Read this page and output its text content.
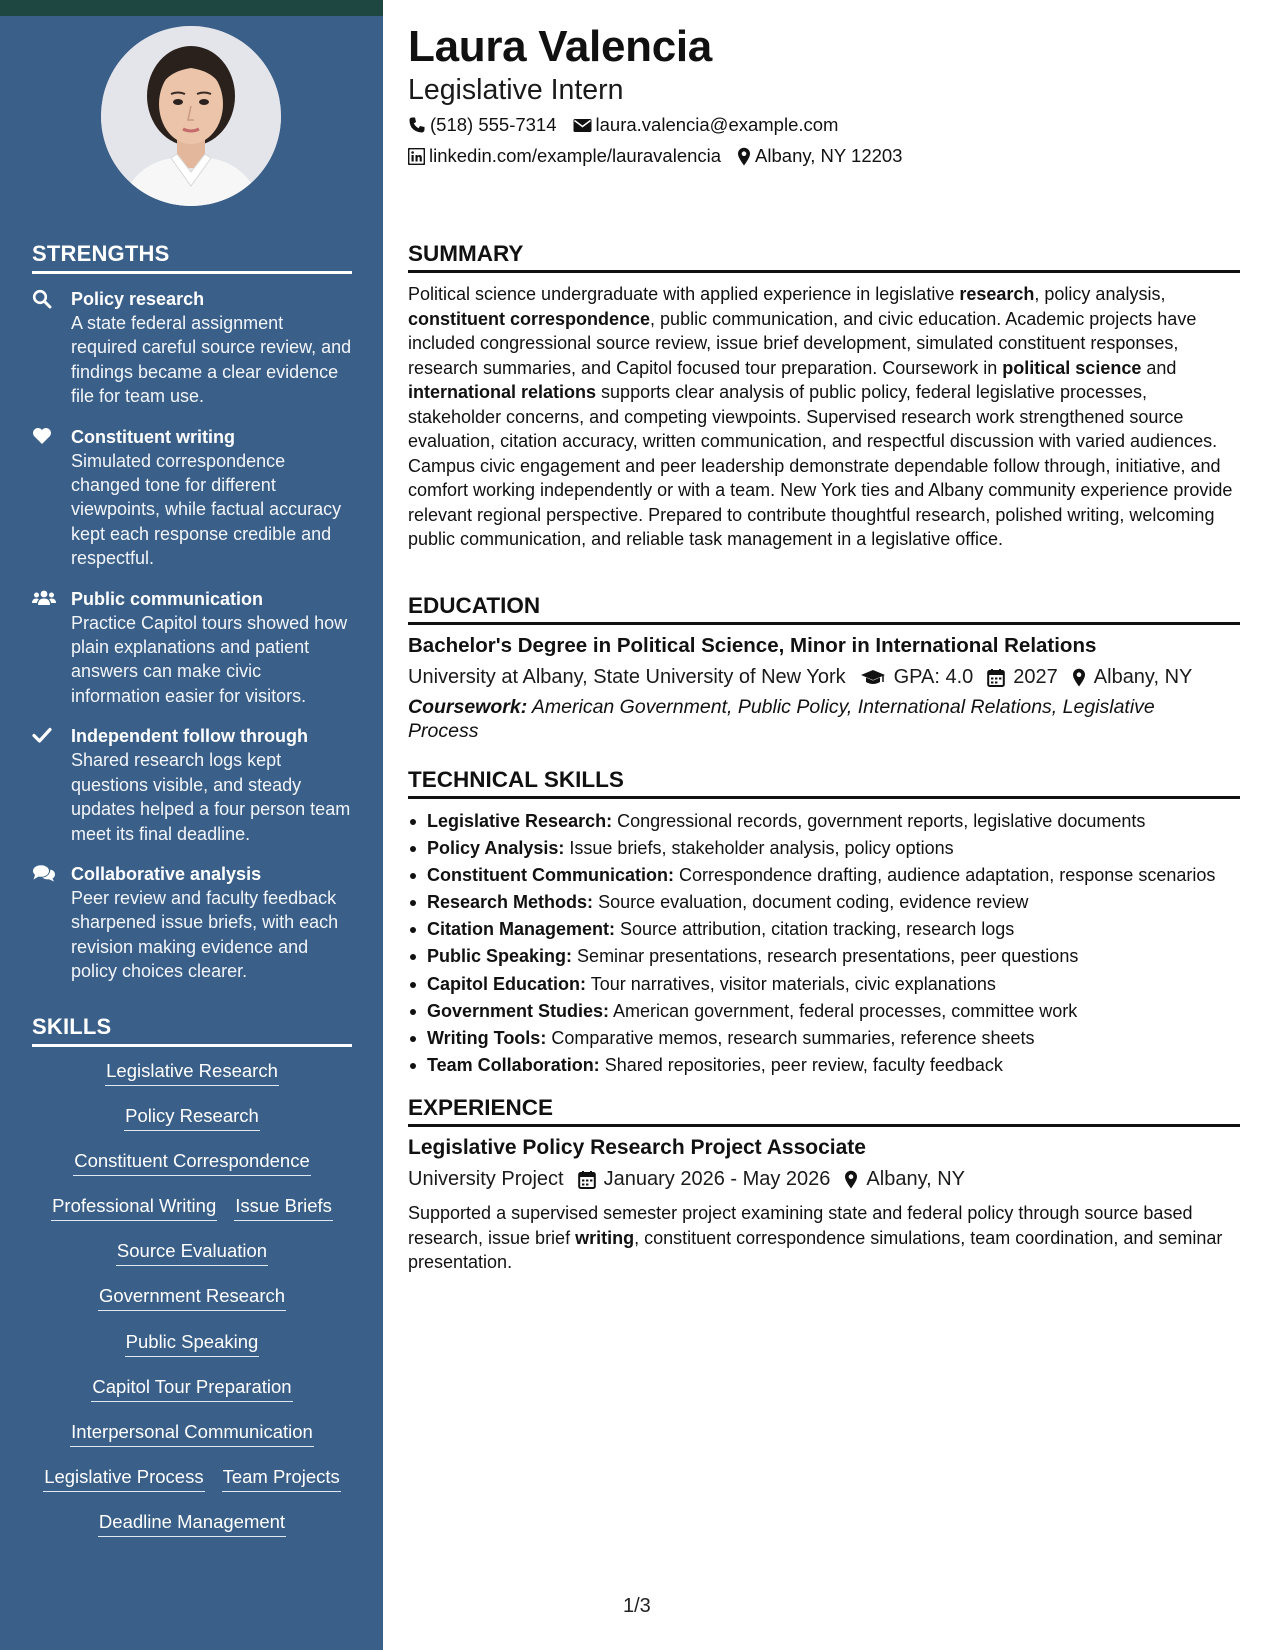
STRENGTHS
Policy research
A state federal assignment required careful source review, and findings became a clear evidence file for team use.
Constituent writing
Simulated correspondence changed tone for different viewpoints, while factual accuracy kept each response credible and respectful.
Public communication
Practice Capitol tours showed how plain explanations and patient answers can make civic information easier for visitors.
Independent follow through
Shared research logs kept questions visible, and steady updates helped a four person team meet its final deadline.
Collaborative analysis
Peer review and faculty feedback sharpened issue briefs, with each revision making evidence and policy choices clearer.
SKILLS
Legislative Research
Policy Research
Constituent Correspondence
Professional Writing Issue Briefs
Source Evaluation
Government Research
Public Speaking
Capitol Tour Preparation
Interpersonal Communication
Legislative Process Team Projects
Deadline Management
Laura Valencia
Legislative Intern
(518) 555-7314 laura.valencia@example.com
linkedin.com/example/lauravalencia Albany, NY 12203
SUMMARY

Political science undergraduate with applied experience in legislative research, policy analysis, constituent correspondence, public communication, and civic education. Academic projects have included congressional source review, issue brief development, simulated constituent responses, research summaries, and Capitol focused tour preparation. Coursework in political science and international relations supports clear analysis of public policy, federal legislative processes, stakeholder concerns, and competing viewpoints. Supervised research work strengthened source evaluation, citation accuracy, written communication, and respectful discussion with varied audiences. Campus civic engagement and peer leadership demonstrate dependable follow through, initiative, and comfort working independently or with a team. New York ties and Albany community experience provide relevant regional perspective. Prepared to contribute thoughtful research, polished writing, welcoming public communication, and reliable task management in a legislative office.

EDUCATION
Bachelor's Degree in Political Science, Minor in International Relations
University at Albany, State University of New York GPA: 4.0 2027 Albany, NY
Coursework: American Government, Public Policy, International Relations, Legislative Process
TECHNICAL SKILLS
Legislative Research: Congressional records, government reports, legislative documents
Policy Analysis: Issue briefs, stakeholder analysis, policy options
Constituent Communication: Correspondence drafting, audience adaptation, response scenarios
Research Methods: Source evaluation, document coding, evidence review
Citation Management: Source attribution, citation tracking, research logs
Public Speaking: Seminar presentations, research presentations, peer questions
Capitol Education: Tour narratives, visitor materials, civic explanations
Government Studies: American government, federal processes, committee work
Writing Tools: Comparative memos, research summaries, reference sheets
Team Collaboration: Shared repositories, peer review, faculty feedback
EXPERIENCE
Legislative Policy Research Project Associate
University Project January 2026 - May 2026 Albany, NY

Supported a supervised semester project examining state and federal policy through source based research, issue brief writing, constituent correspondence simulations, team coordination, and seminar presentation.

1/3
